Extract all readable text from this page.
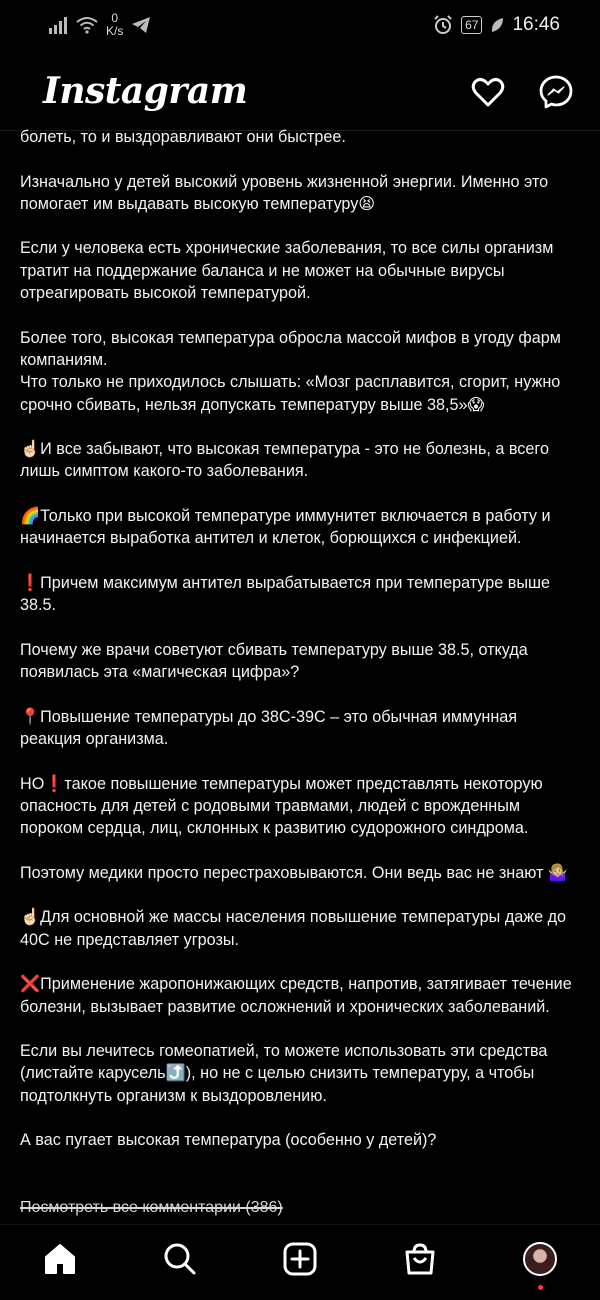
0
K/s	67 16:46
Instagram

болеть, то и выздоравливают они быстрее.

Изначально у детей высокий уровень жизненной энергии. Именно это помогает им выдавать высокую температуру😫

Если у человека есть хронические заболевания, то все силы организм тратит на поддержание баланса и не может на обычные вирусы отреагировать высокой температурой.

Более того, высокая температура обросла массой мифов в угоду фарм компаниям.

Что только не приходилось слышать: «Мозг расплавится, сгорит, нужно срочно сбивать, нельзя допускать температуру выше 38,5»😱

☝🏻И все забывают, что высокая температура - это не болезнь, а всего лишь симптом какого-то заболевания.

🌈Только при высокой температуре иммунитет включается в работу и начинается выработка антител и клеток, борющихся с инфекцией.

❗Причем максимум антител вырабатывается при температуре выше 38.5.

Почему же врачи советуют сбивать температуру выше 38.5, откуда появилась эта «магическая цифра»?

📍Повышение температуры до 38С-39С – это обычная иммунная реакция организма.

НО❗такое повышение температуры может представлять некоторую опасность для детей с родовыми травмами, людей с врожденным пороком сердца, лиц, склонных к развитию судорожного синдрома.

Поэтому медики просто перестраховываются. Они ведь вас не знают 🤷🏼‍♀️

☝🏻Для основной же массы населения повышение температуры даже до 40С не представляет угрозы.

❌Применение жаропонижающих средств, напротив, затягивает течение болезни, вызывает развитие осложнений и хронических заболеваний.

Если вы лечитесь гомеопатией, то можете использовать эти средства (листайте карусель⤴️), но не с целью снизить температуру, а чтобы подтолкнуть организм к выздоровлению.

А вас пугает высокая температура (особенно у детей)?

Посмотреть все комментарии (386)
